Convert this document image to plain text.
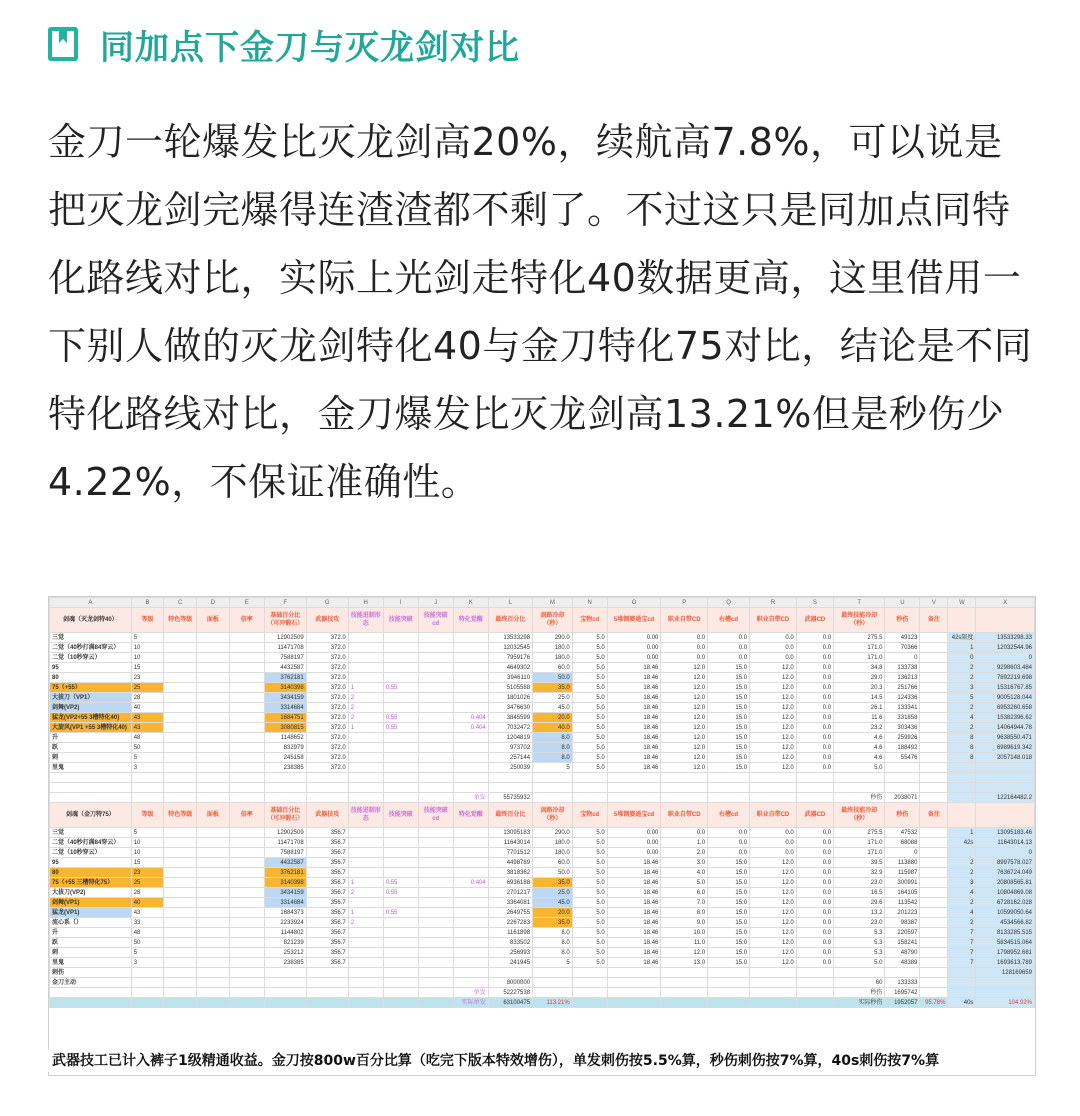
同加点下金刀与灭龙剑对比
金刀一轮爆发比灭龙剑高20%，续航高7.8%，可以说是把灭龙剑完爆得连渣渣都不剩了。不过这只是同加点同特化路线对比，实际上光剑走特化40数据更高，这里借用一下别人做的灭龙剑特化40与金刀特化75对比，结论是不同特化路线对比，金刀爆发比灭龙剑高13.21%但是秒伤少4.22%，不保证准确性。
A	B	C	D	E	F	G	H	I	J	K	L	M	N	O	P	Q	R	S	T	U	V	W	X
剑魂（灭龙剑特40）	等级	特色等级	面板	倍率	基础百分比（可冲锻石）	武器技攻	技能进制形态	技能突破	技能突破cd	特化觉醒	最终百分比	剑路冷却（秒）	宝物cd	5堆钢婆通宝cd	职业自带CD	右槽cd	职业自带CD	武器CD	最终技能冷却（秒）	秒伤	备注		
三觉	5				12902509	372.0					13533298	290.0	5.0	0.00	0.0	0.0	0.0	0.0	275.5	49123		42s限度	13533298.33
二觉（40秒打满84穿云）	10				11471708	372.0					12032545	180.0	5.0	0.00	0.0	0.0	0.0	0.0	171.0	70366		1	12032544.96
二觉（10秒穿云）	10				7588197	372.0					7959176	180.0	5.0	0.00	0.0	0.0	0.0	0.0	171.0	0		0	0
95	15				4432587	372.0					4649302	60.0	5.0	18.46	12.0	15.0	12.0	0.0	34.8	133738		2	9298603.484
80	23				3762181	372.0					3946110	50.0	5.0	18.46	12.0	15.0	12.0	0.0	29.0	136213		2	7892219.698
75（+55）	25				3140398	372.0	1	0.55			5105588	35.0	5.0	18.46	12.0	15.0	12.0	0.0	20.3	251766		3	15316767.85
大拔刀（VP1）	28				3434159	372.0	2				1801026	25.0	5.0	18.46	12.0	15.0	12.0	0.0	14.5	124336		5	9005128.044
剑舞(VP2)	40				3314684	372.0	2				3476630	45.0	5.0	18.46	12.0	15.0	12.0	0.0	26.1	133341		2	6953260.658
猛龙(VP2+55 3槽特化40)	43				1684751	372.0	2	0.55		0.404	3845599	20.0	5.0	18.46	12.0	15.0	12.0	0.0	11.6	331858		4	15382396.62
大旋风(VP1 +55 3槽特化40)	43				3080815	372.0	1	0.55		0.404	7032472	40.0	5.0	18.46	12.0	15.0	12.0	0.0	23.2	303436		2	14064944.78
升	48				1148652	372.0					1204819	8.0	5.0	18.46	12.0	15.0	12.0	0.0	4.6	259926		8	9638550.471
跃	50				832979	372.0					973702	8.0	5.0	18.46	12.0	15.0	12.0	0.0	4.6	188492		8	6989619.342
刺	5				245158	372.0					257144	8.0	5.0	18.46	12.0	15.0	12.0	0.0	4.6	55476		8	2057148.018
里鬼	3				238385	372.0					250039	5	5.0	18.46	12.0	15.0	12.0	0.0	5.0				

										单发	55735932								秒伤	2038071			122164482.2
剑魂（金刀特75）	等级	特色等级	面板	倍率	基础百分比（可冲锻石）	武器技攻	技能进制形态	技能突破	技能突破cd	特化觉醒	最终百分比	剑路冷却（秒）	宝物cd	5堆钢婆通宝cd	职业自带CD	右槽cd	职业自带CD	武器CD	最终技能冷却（秒）	秒伤	备注		
三觉	5				12902509	356.7					13095183	290.0	5.0	0.00	0.0	0.0	0.0	0.0	275.5	47532		1	13095183.46
二觉（40秒打满84穿云）	10				11471708	356.7					11643014	180.0	5.0	0.00	1.0	0.0	0.0	0.0	171.0	68088		42s	11643014.13
二觉（10秒穿云）	10				7588197	356.7					7701512	180.0	5.0	0.00	2.0	0.0	0.0	0.0	171.0	0			0
95	15				4432587	356.7					4498789	60.0	5.0	18.46	3.0	15.0	12.0	0.0	39.5	113880		2	8997578.027
80	23				3762181	356.7					3818362	50.0	5.0	18.46	4.0	15.0	12.0	0.0	32.9	115987		2	7636724.049
75（+55 三槽特化75）	25				3140398	356.7	1	0.55		0.404	6936188	35.0	5.0	18.46	5.0	15.0	12.0	0.0	23.0	300991		3	20808565.81
大拔刀(VP2)	28				3434159	356.7	2	0.55			2701217	25.0	5.0	18.46	6.0	15.0	12.0	0.0	16.5	164105		4	10804869.08
剑舞(VP1)	40				3314684	356.7					3364081	45.0	5.0	18.46	7.0	15.0	12.0	0.0	29.6	113542		2	6728162.028
猛龙(VP1)	43				1684373	356.7	1	0.55			2649755	20.0	5.0	18.46	8.0	15.0	12.0	0.0	13.2	201223		4	10599050.64
流心系（）	33				2233924	356.7	2				2267283	35.0	5.0	18.46	9.0	15.0	12.0	0.0	23.0	98387		2	4534566.82
升	48				1144802	356.7					1161898	8.0	5.0	18.46	10.0	15.0	12.0	0.0	5.3	220597		7	8133285.515
跃	50				821239	356.7					833502	8.0	5.0	18.46	11.0	15.0	12.0	0.0	5.3	158241		7	5834515.064
刺	5				253212	356.7					256993	8.0	5.0	18.46	12.0	15.0	12.0	0.0	5.3	48790		7	1798952.681
里鬼	3				238385	356.7					241945	5	5.0	18.46	13.0	15.0	12.0	0.0	5.0	48389		7	1693613.789
刺伤																							128169659
金刀主动											8000000								60	133333			
										单发	52227538								秒伤	1695742			
										实际单发	63100475	113.21%							实际秒伤	1952057	95.78%	40s	104.92%
武器技工已计入裤子1级精通收益。金刀按800w百分比算（吃完下版本特效增伤），单发刺伤按5.5%算，秒伤刺伤按7%算，40s刺伤按7%算
